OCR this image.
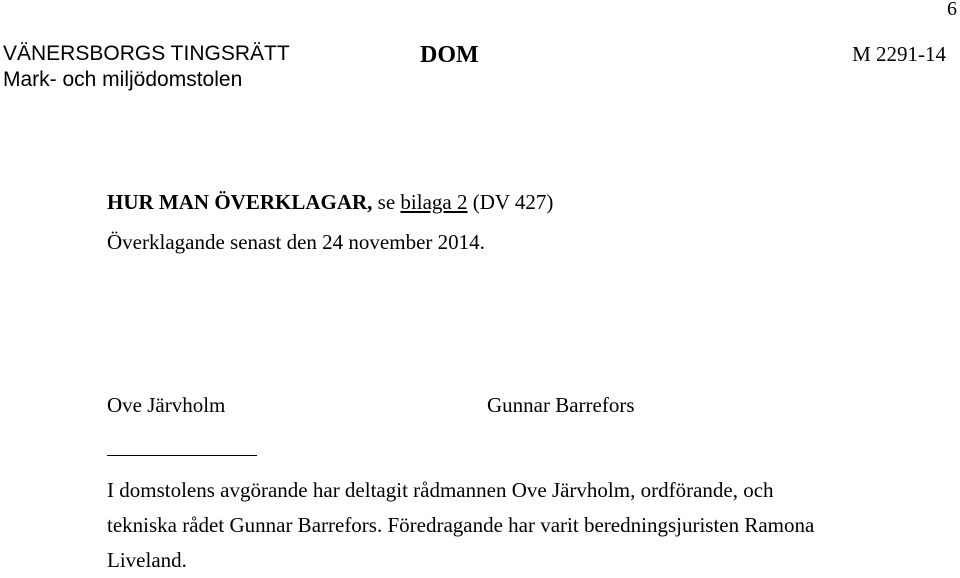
6
VÄNERSBORGS TINGSRÄTT
Mark- och miljödomstolen
DOM	M 2291-14
HUR MAN ÖVERKLAGAR, se bilaga 2 (DV 427)
Överklagande senast den 24 november 2014.
Ove Järvholm	Gunnar Barrefors
I domstolens avgörande har deltagit rådmannen Ove Järvholm, ordförande, och
tekniska rådet Gunnar Barrefors. Föredragande har varit beredningsjuristen Ramona
Liveland.
